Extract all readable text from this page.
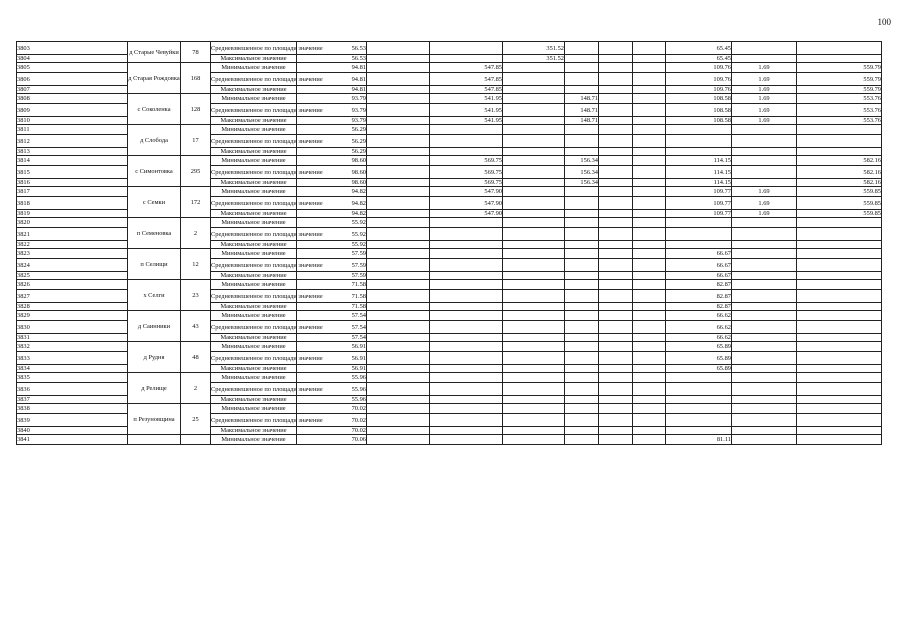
100
3803	д Старые Чевуйки	78	Средневзвешенное по площади значение	56.53			351.52				65.45		
3804			Максимальное значение	56.53			351.52				65.45		
3805	д Старая Рождовка	168	Минимальное значение	94.81		547.85					109.76	1.69	559.79
3806			Средневзвешенное по площади значение	94.81		547.85					109.76	1.69	559.79
3807			Максимальное значение	94.81		547.85					109.76	1.69	559.79
3808	с Соколенка	128	Минимальное значение	93.79		541.95		148.71			108.58	1.69	553.76
3809			Средневзвешенное по площади значение	93.79		541.95		148.71			108.58	1.69	553.76
3810			Максимальное значение	93.79		541.95		148.71			108.58	1.69	553.76
3811	д Слобода	17	Минимальное значение	56.29									
3812			Средневзвешенное по площади значение	56.29									
3813			Максимальное значение	56.29									
3814	с Симонтовка	295	Минимальное значение	98.60		569.75		156.34			114.15		582.16
3815			Средневзвешенное по площади значение	98.60		569.75		156.34			114.15		582.16
3816			Максимальное значение	98.60		569.75		156.34			114.15		582.16
3817	с Семки	172	Минимальное значение	94.82		547.90					109.77	1.69	559.85
3818			Средневзвешенное по площади значение	94.82		547.90					109.77	1.69	559.85
3819			Максимальное значение	94.82		547.90					109.77	1.69	559.85
3820	п Семеновка	2	Минимальное значение	55.92									
3821			Средневзвешенное по площади значение	55.92									
3822			Максимальное значение	55.92									
3823	п Селищи	12	Минимальное значение	57.59							66.67		
3824			Средневзвешенное по площади значение	57.59							66.67		
3825			Максимальное значение	57.59							66.67		
3826	х Селги	23	Минимальное значение	71.58							82.87		
3827			Средневзвешенное по площади значение	71.58							82.87		
3828			Максимальное значение	71.58							82.87		
3829	д Саинники	43	Минимальное значение	57.54							66.62		
3830			Средневзвешенное по площади значение	57.54							66.62		
3831			Максимальное значение	57.54							66.62		
3832	д Рудня	48	Минимальное значение	56.91							65.89		
3833			Средневзвешенное по площади значение	56.91							65.89		
3834			Максимальное значение	56.91							65.89		
3835	д Релище	2	Минимальное значение	55.96									
3836			Средневзвешенное по площади значение	55.96									
3837			Максимальное значение	55.96									
3838	п Резуновщина	25	Минимальное значение	70.02									
3839			Средневзвешенное по площади значение	70.02									
3840			Максимальное значение	70.02									
3841			Минимальное значение	70.06							81.11		
